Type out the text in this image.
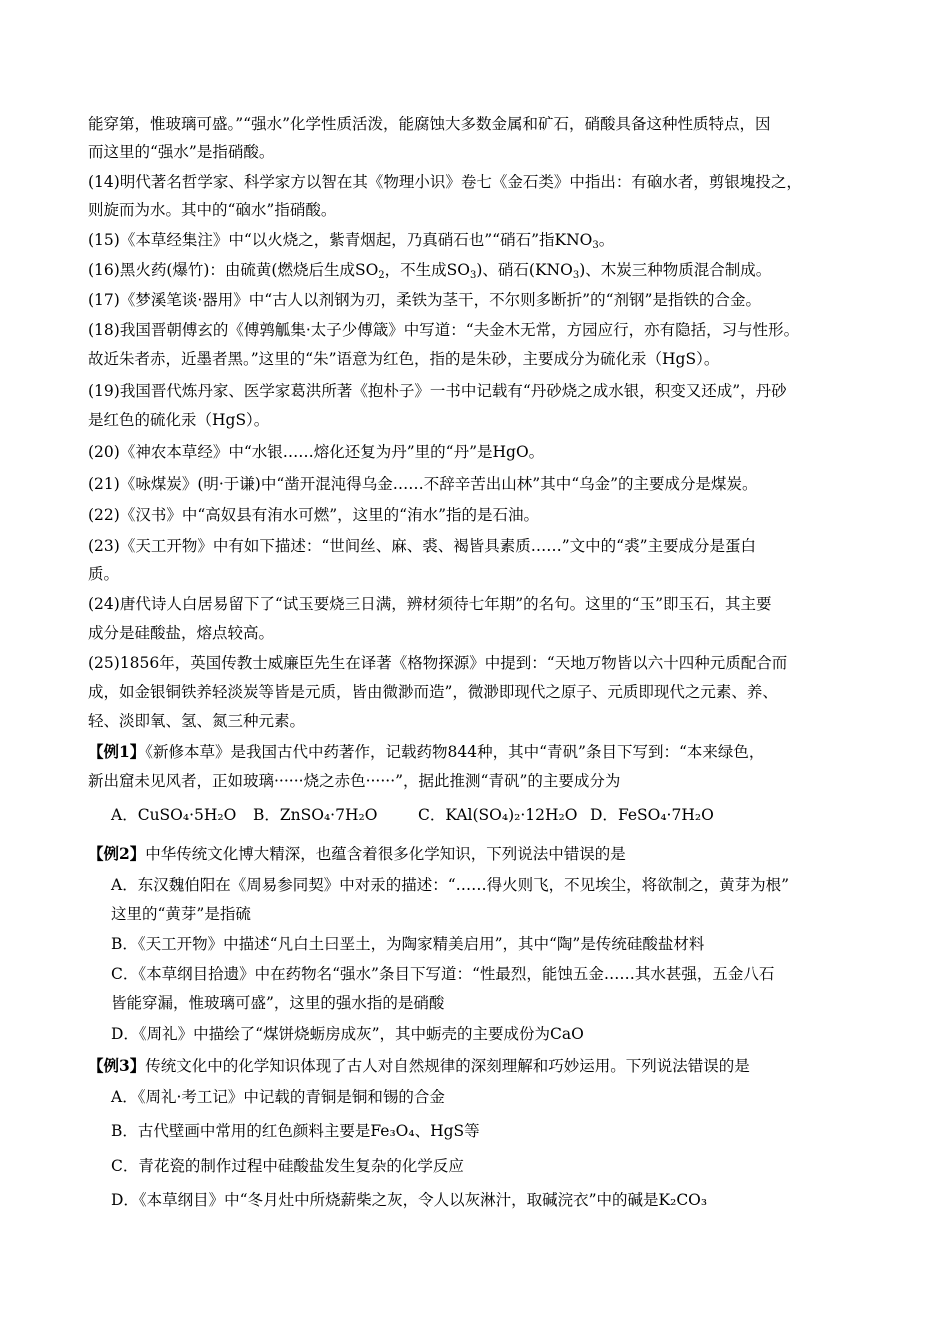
能穿第，惟玻璃可盛。”“强水”化学性质活泼，能腐蚀大多数金属和矿石，硝酸具备这种性质特点，因
而这里的“强水”是指硝酸。
(14)明代著名哲学家、科学家方以智在其《物理小识》卷七《金石类》中指出：有硇水者，剪银塊投之，
则旋而为水。其中的“硇水”指硝酸。
(15)《本草经集注》中“以火烧之，紫青烟起，乃真硝石也”“硝石”指$KNO_3$。
(16)黑火药(爆竹)：由硫黄(燃烧后生成$SO_2$，不生成$SO_3$)、硝石$(KNO_3)$、木炭三种物质混合制成。
(17)《梦溪笔谈·器用》中“古人以剂钢为刃，柔铁为茎干，不尔则多断折”的“剂钢”是指铁的合金。
(18)我国晋朝傅玄的《傅鹑觚集·太子少傅箴》中写道：“夫金木无常，方园应行，亦有隐括，习与性形。
故近朱者赤，近墨者黑。”这里的“朱”语意为红色，指的是朱砂，主要成分为硫化汞（HgS）。
(19)我国晋代炼丹家、医学家葛洪所著《抱朴子》一书中记载有“丹砂烧之成水银，积变又还成”，丹砂
是红色的硫化汞（HgS）。
(20)《神农本草经》中“水银……熔化还复为丹”里的“丹”是HgO。
(21)《咏煤炭》(明·于谦)中“凿开混沌得乌金……不辞辛苦出山林”其中“乌金”的主要成分是煤炭。
(22)《汉书》中“高奴县有洧水可燃”，这里的“洧水”指的是石油。
(23)《天工开物》中有如下描述：“世间丝、麻、裘、褐皆具素质……”文中的“裘”主要成分是蛋白
质。
(24)唐代诗人白居易留下了“试玉要烧三日满，辨材须待七年期”的名句。这里的“玉”即玉石，其主要
成分是硅酸盐，熔点较高。
(25)1856年，英国传教士威廉臣先生在译著《格物探源》中提到：“天地万物皆以六十四种元质配合而
成，如金银铜铁养轻淡炭等皆是元质，皆由微渺而造”，微渺即现代之原子、元质即现代之元素、养、
轻、淡即氧、氢、氮三种元素。
【例1】《新修本草》是我国古代中药著作，记载药物844种，其中“青矾”条目下写到：“本来绿色，
新出窟未见风者，正如玻璃······烧之赤色······”，据此推测“青矾”的主要成分为
A．CuSO₄·5H₂O B．ZnSO₄·7H₂O	C．KAl(SO₄)₂·12H₂O D．FeSO₄·7H₂O
【例2】中华传统文化博大精深，也蕴含着很多化学知识，下列说法中错误的是
A．东汉魏伯阳在《周易参同契》中对汞的描述：“……得火则飞，不见埃尘，将欲制之，黄芽为根”
这里的“黄芽”是指硫
B．《天工开物》中描述“凡白土曰垩土，为陶家精美启用”，其中“陶”是传统硅酸盐材料
C．《本草纲目拾遗》中在药物名“强水”条目下写道：“性最烈，能蚀五金……其水甚强，五金八石
皆能穿漏，惟玻璃可盛”，这里的强水指的是硝酸
D．《周礼》中描绘了“煤饼烧蛎房成灰”，其中蛎壳的主要成份为CaO
【例3】传统文化中的化学知识体现了古人对自然规律的深刻理解和巧妙运用。下列说法错误的是
A．《周礼·考工记》中记载的青铜是铜和锡的合金
B．古代壁画中常用的红色颜料主要是Fe₃O₄、HgS等
C．青花瓷的制作过程中硅酸盐发生复杂的化学反应
D．《本草纲目》中“冬月灶中所烧薪柴之灰，令人以灰淋汁，取碱浣衣”中的碱是K₂CO₃
